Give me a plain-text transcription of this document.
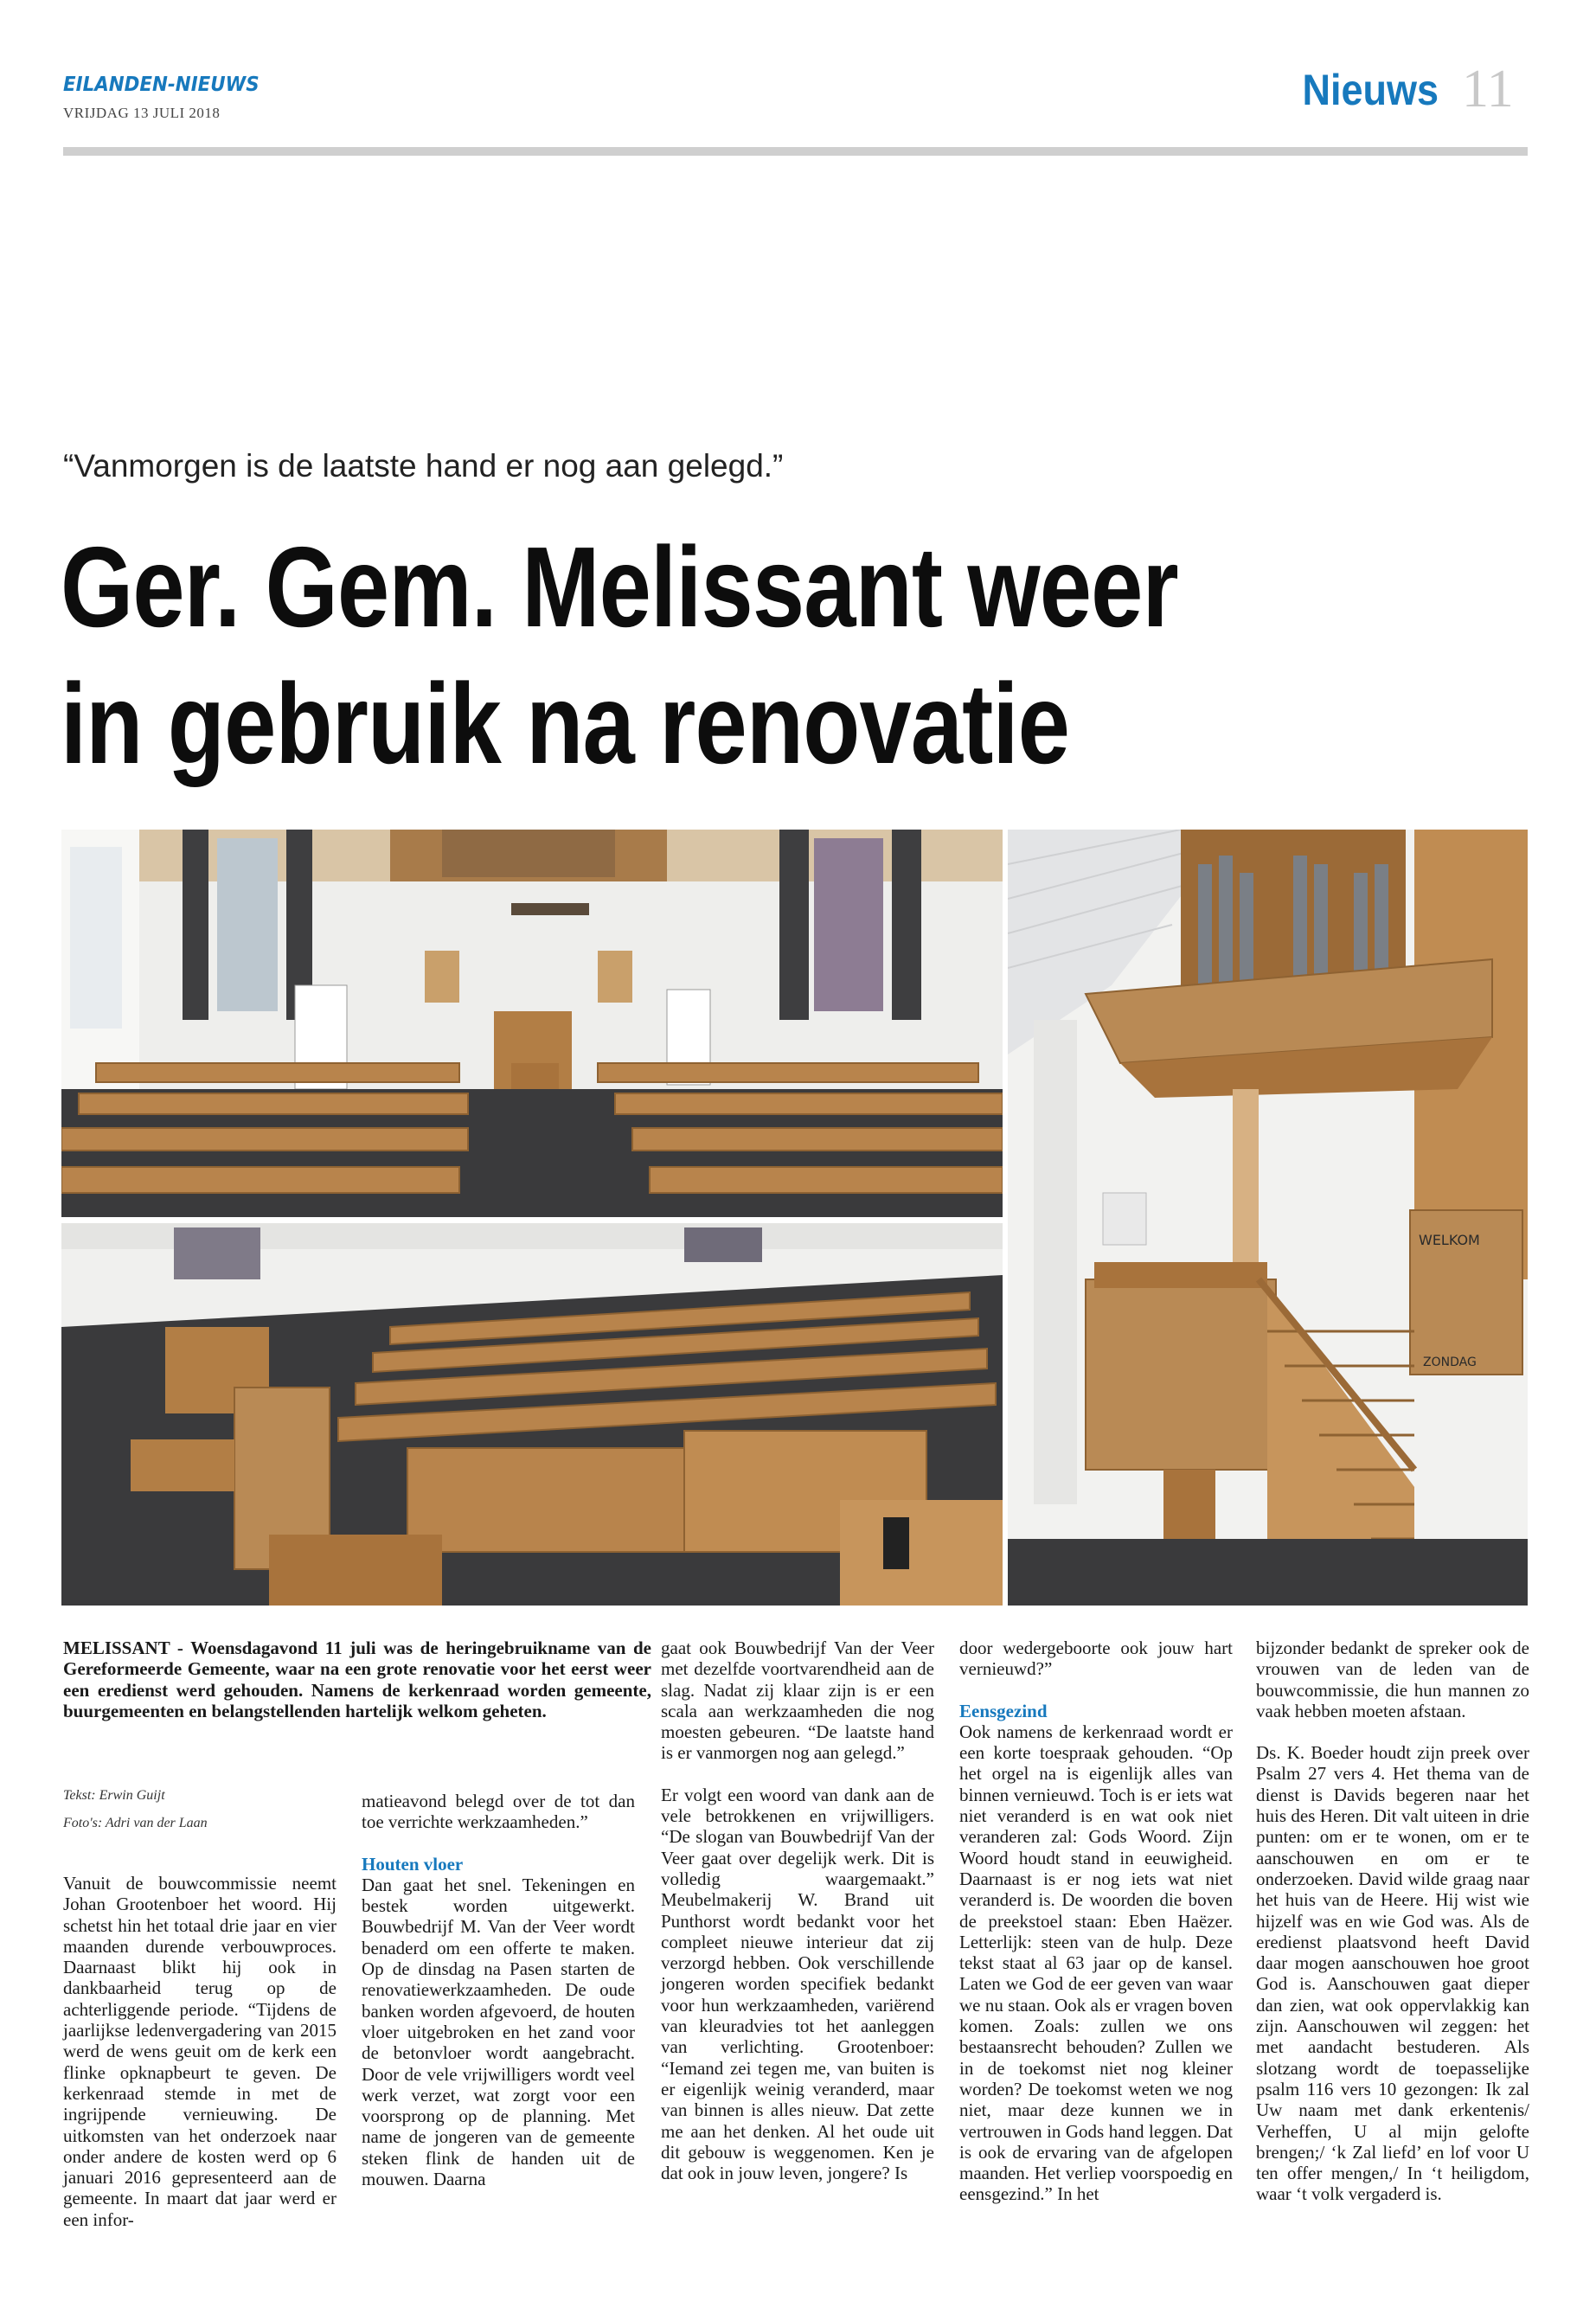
EILANDEN-NIEUWS
VRIJDAG 13 JULI 2018	Nieuws 11
“Vanmorgen is de laatste hand er nog aan gelegd.”
Ger. Gem. Melissant weer
in gebruik na renovatie
WELKOM
ZONDAG

MELISSANT - Woensdagavond 11 juli was de heringebruikname van de Gereformeerde Gemeente, waar na een grote renovatie voor het eerst weer een eredienst werd gehouden. Namens de kerkenraad worden gemeente, buurgemeenten en belangstellenden hartelijk welkom geheten.

Tekst: Erwin Guijt
Foto's: Adri van der Laan

Vanuit de bouwcommissie neemt Johan Grootenboer het woord. Hij schetst hin het totaal drie jaar en vier maanden durende verbouwproces. Daarnaast blikt hij ook in dankbaarheid terug op de achterliggende periode. “Tijdens de jaarlijkse ledenvergadering van 2015 werd de wens geuit om de kerk een flinke opknapbeurt te geven. De kerkenraad stemde in met de ingrijpende vernieuwing. De uitkomsten van het onderzoek naar onder andere de kosten werd op 6 januari 2016 gepresenteerd aan de gemeente. In maart dat jaar werd er een infor-

matieavond belegd over de tot dan toe verrichte werkzaamheden.”

Houten vloer

Dan gaat het snel. Tekeningen en bestek worden uitgewerkt. Bouwbedrijf M. Van der Veer wordt benaderd om een offerte te maken. Op de dinsdag na Pasen starten de renovatiewerkzaamheden. De oude banken worden afgevoerd, de houten vloer uitgebroken en het zand voor de betonvloer wordt aangebracht. Door de vele vrijwilligers wordt veel werk verzet, wat zorgt voor een voorsprong op de planning. Met name de jongeren van de gemeente steken flink de handen uit de mouwen. Daarna

gaat ook Bouwbedrijf Van der Veer met dezelfde voortvarendheid aan de slag. Nadat zij klaar zijn is er een scala aan werkzaamheden die nog moesten gebeuren. “De laatste hand is er vanmorgen nog aan gelegd.”

Er volgt een woord van dank aan de vele betrokkenen en vrijwilligers. “De slogan van Bouwbedrijf Van der Veer gaat over degelijk werk. Dit is volledig waargemaakt.” Meubelmakerij W. Brand uit Punthorst wordt bedankt voor het compleet nieuwe interieur dat zij verzorgd hebben. Ook verschillende jongeren worden specifiek bedankt voor hun werkzaamheden, variërend van kleuradvies tot het aanleggen van verlichting. Grootenboer: “Iemand zei tegen me, van buiten is er eigenlijk weinig veranderd, maar van binnen is alles nieuw. Dat zette me aan het denken. Al het oude uit dit gebouw is weggenomen. Ken je dat ook in jouw leven, jongere? Is

door wedergeboorte ook jouw hart vernieuwd?”

Eensgezind

Ook namens de kerkenraad wordt er een korte toespraak gehouden. “Op het orgel na is eigenlijk alles van binnen vernieuwd. Toch is er iets wat niet veranderd is en wat ook niet veranderen zal: Gods Woord. Zijn Woord houdt stand in eeuwigheid. Daarnaast is er nog iets wat niet veranderd is. De woorden die boven de preekstoel staan: Eben Haëzer. Letterlijk: steen van de hulp. Deze tekst staat al 63 jaar op de kansel. Laten we God de eer geven van waar we nu staan. Ook als er vragen boven komen. Zoals: zullen we ons bestaansrecht behouden? Zullen we in de toekomst niet nog kleiner worden? De toekomst weten we nog niet, maar deze kunnen we in vertrouwen in Gods hand leggen. Dat is ook de ervaring van de afgelopen maanden. Het verliep voorspoedig en eensgezind.” In het

bijzonder bedankt de spreker ook de vrouwen van de leden van de bouwcommissie, die hun mannen zo vaak hebben moeten afstaan.

Ds. K. Boeder houdt zijn preek over Psalm 27 vers 4. Het thema van de dienst is Davids begeren naar het huis des Heren. Dit valt uiteen in drie punten: om er te wonen, om er te aanschouwen en om er te onderzoeken. David wilde graag naar het huis van de Heere. Hij wist wie hijzelf was en wie God was. Als de eredienst plaatsvond heeft David daar mogen aanschouwen hoe groot God is. Aanschouwen gaat dieper dan zien, wat ook oppervlakkig kan zijn. Aanschouwen wil zeggen: het met aandacht bestuderen. Als slotzang wordt de toepasselijke psalm 116 vers 10 gezongen: Ik zal Uw naam met dank erkentenis/ Verheffen, U al mijn gelofte brengen;/ ‘k Zal liefd’ en lof voor U ten offer mengen,/ In ‘t heiligdom, waar ‘t volk vergaderd is.
